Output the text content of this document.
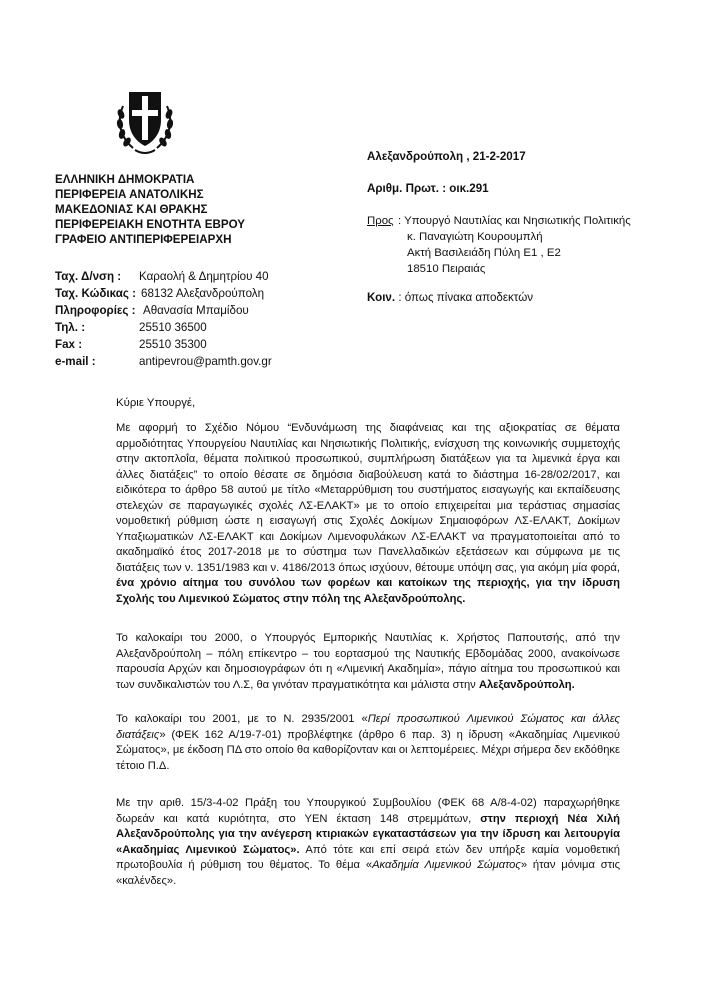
ΕΛΛΗΝΙΚΗ ΔΗΜΟΚΡΑΤΙΑ
ΠΕΡΙΦΕΡΕΙΑ ΑΝΑΤΟΛΙΚΗΣ
ΜΑΚΕΔΟΝΙΑΣ ΚΑΙ ΘΡΑΚΗΣ
ΠΕΡΙΦΕΡΕΙΑΚΗ ΕΝΟΤΗΤΑ ΕΒΡΟΥ
ΓΡΑΦΕΙΟ ΑΝΤΙΠΕΡΙΦΕΡΕΙΑΡΧΗ
Ταχ. Δ/νση : Καραολή & Δημητρίου 40
Ταχ. Κώδικας : 68132 Αλεξανδρούπολη
Πληροφορίες : Αθανασία Μπαμίδου
Τηλ. :	25510 36500
Fax :	25510 35300
e-mail :	antipevrou@pamth.gov.gr
Αλεξανδρούπολη , 21-2-2017
Αριθμ. Πρωτ. : οικ.291
Προς : Υπουργό Ναυτιλίας και Νησιωτικής Πολιτικής
κ. Παναγιώτη Κουρουμπλή
Ακτή Βασιλειάδη Πύλη Ε1 , Ε2
18510 Πειραιάς
Κοιν. : όπως πίνακα αποδεκτών
Κύριε Υπουργέ,
Με αφορμή το Σχέδιο Νόμου “Ενδυνάμωση της διαφάνειας και της αξιοκρατίας σε θέματα αρμοδιότητας Υπουργείου Ναυτιλίας και Νησιωτικής Πολιτικής, ενίσχυση της κοινωνικής συμμετοχής στην ακτοπλοΐα, θέματα πολιτικού προσωπικού, συμπλήρωση διατάξεων για τα λιμενικά έργα και άλλες διατάξεις” το οποίο θέσατε σε δημόσια διαβούλευση κατά το διάστημα 16-28/02/2017, και ειδικότερα το άρθρο 58 αυτού με τίτλο «Μεταρρύθμιση του συστήματος εισαγωγής και εκπαίδευσης στελεχών σε παραγωγικές σχολές ΛΣ-ΕΛΑΚΤ» με το οποίο επιχειρείται μια τεράστιας σημασίας νομοθετική ρύθμιση ώστε η εισαγωγή στις Σχολές Δοκίμων Σημαιοφόρων ΛΣ-ΕΛΑΚΤ, Δοκίμων Υπαξιωματικών ΛΣ-ΕΛΑΚΤ και Δοκίμων Λιμενοφυλάκων ΛΣ-ΕΛΑΚΤ να πραγματοποιείται από το ακαδημαϊκό έτος 2017-2018 με το σύστημα των Πανελλαδικών εξετάσεων και σύμφωνα με τις διατάξεις των ν. 1351/1983 και ν. 4186/2013 όπως ισχύουν, θέτουμε υπόψη σας, για ακόμη μία φορά, ένα χρόνιο αίτημα του συνόλου των φορέων και κατοίκων της περιοχής, για την ίδρυση Σχολής του Λιμενικού Σώματος στην πόλη της Αλεξανδρούπολης.
Το καλοκαίρι του 2000, ο Υπουργός Εμπορικής Ναυτιλίας κ. Χρήστος Παπουτσής, από την Αλεξανδρούπολη – πόλη επίκεντρο – του εορτασμού της Ναυτικής Εβδομάδας 2000, ανακοίνωσε παρουσία Αρχών και δημοσιογράφων ότι η «Λιμενική Ακαδημία», πάγιο αίτημα του προσωπικού και των συνδικαλιστών του Λ.Σ, θα γινόταν πραγματικότητα και μάλιστα στην Αλεξανδρούπολη.
Το καλοκαίρι του 2001, με το Ν. 2935/2001 «Περί προσωπικού Λιμενικού Σώματος και άλλες διατάξεις» (ΦΕΚ 162 Α/19-7-01) προβλέφτηκε (άρθρο 6 παρ. 3) η ίδρυση «Ακαδημίας Λιμενικού Σώματος», με έκδοση ΠΔ στο οποίο θα καθορίζονταν και οι λεπτομέρειες. Μέχρι σήμερα δεν εκδόθηκε τέτοιο Π.Δ.
Με την αριθ. 15/3-4-02 Πράξη του Υπουργικού Συμβουλίου (ΦΕΚ 68 Α/8-4-02) παραχωρήθηκε δωρεάν και κατά κυριότητα, στο ΥΕΝ έκταση 148 στρεμμάτων, στην περιοχή Νέα Χιλή Αλεξανδρούπολης για την ανέγερση κτιριακών εγκαταστάσεων για την ίδρυση και λειτουργία «Ακαδημίας Λιμενικού Σώματος». Από τότε και επί σειρά ετών δεν υπήρξε καμία νομοθετική πρωτοβουλία ή ρύθμιση του θέματος. Το θέμα «Ακαδημία Λιμενικού Σώματος» ήταν μόνιμα στις «καλένδες».
